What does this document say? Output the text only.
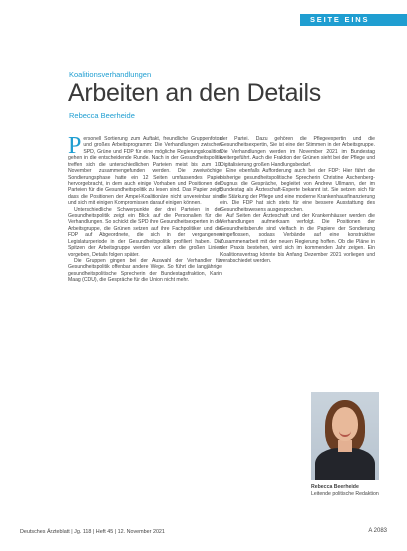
SEITE EINS
Koalitionsverhandlungen
Arbeiten an den Details
Rebecca Beerheide

Personell Sortierung zum Auftakt, freundliche Gruppenfotos und großes Arbeitsprogramm: Die Verhandlungen zwischen SPD, Grüne und FDP für eine mögliche Regierungskoalition gehen in die entscheidende Runde. Nach in der Gesundheitspolitik treffen sich die unterschiedlichen Parteien meist bis zum 10. November zusammengefunden werden. Die zweiwöchige Sondierungsphase hatte ein 12 Seiten umfassendes Papier hervorgebracht, in dem auch einige Vorhaben und Positionen der Parteien für die Gesundheitspolitik zu lesen sind. Das Papier zeigt, dass die Positionen der Ampel-Koalitionäre nicht unvereinbar sind und sich mit einigen Kompromissen darauf einigen können.

Unterschiedliche Schwerpunkte der drei Parteien in der Gesundheitspolitik zeigt ein Blick auf die Personalien für die Verhandlungen. So schickt die SPD ihre Gesundheitsexperten in die Arbeitsgruppe, die Grünen setzen auf ihre Fachpolitiker und die FDP auf Abgeordnete, die sich in der vergangenen Legislaturperiode in der Gesundheitspolitik profiliert haben. Die Spitzen der Arbeitsgruppe werden vor allem die großen Linien vorgeben, Details folgen später.

Die Gruppen gingen bei der Auswahl der Verhandler für Gesundheitspolitik offenbar andere Wege. So führt die langjährige gesundheitspolitische Sprecherin der Bundestagsfraktion, Karin Maag (CDU), die Gespräche für die Union nicht mehr.

der Partei. Dazu gehören die Pflegeexpertin und die Gesundheitsexpertin, Sie ist eine der Stimmen in der Arbeitsgruppe. Die Verhandlungen werden im November 2021 im Bundestag weitergeführt. Auch die Fraktion der Grünen sieht bei der Pflege und Digitalisierung großen Handlungsbedarf.

Eine ebenfalls Aufforderung auch bei der FDP: Hier fährt die bisherige gesundheitspolitische Sprecherin Christine Aschenberg-Dugnus die Gespräche, begleitet von Andrew Ullmann, der im Bundestag als Ärzteschaft-Experte bekannt ist. Sie setzen sich für die Stärkung der Pflege und eine moderne Krankenhausfinanzierung ein. Die FDP hat sich stets für eine bessere Ausstattung des Gesundheitswesens ausgesprochen.

Auf Seiten der Ärzteschaft und der Krankenhäuser werden die Verhandlungen aufmerksam verfolgt. Die Positionen der Gesundheitsberufe sind vielfach in die Papiere der Sondierung eingeflossen, sodass Verbände auf eine konstruktive Zusammenarbeit mit der neuen Regierung hoffen. Ob die Pläne in der Praxis bestehen, wird sich im kommenden Jahr zeigen. Ein Koalitionsvertrag könnte bis Anfang Dezember 2021 vorliegen und verabschiedet werden.

Rebecca Beerheide
Leitende politische Redaktion
Deutsches Ärzteblatt | Jg. 118 | Heft 45 | 12. November 2021	A 2083
